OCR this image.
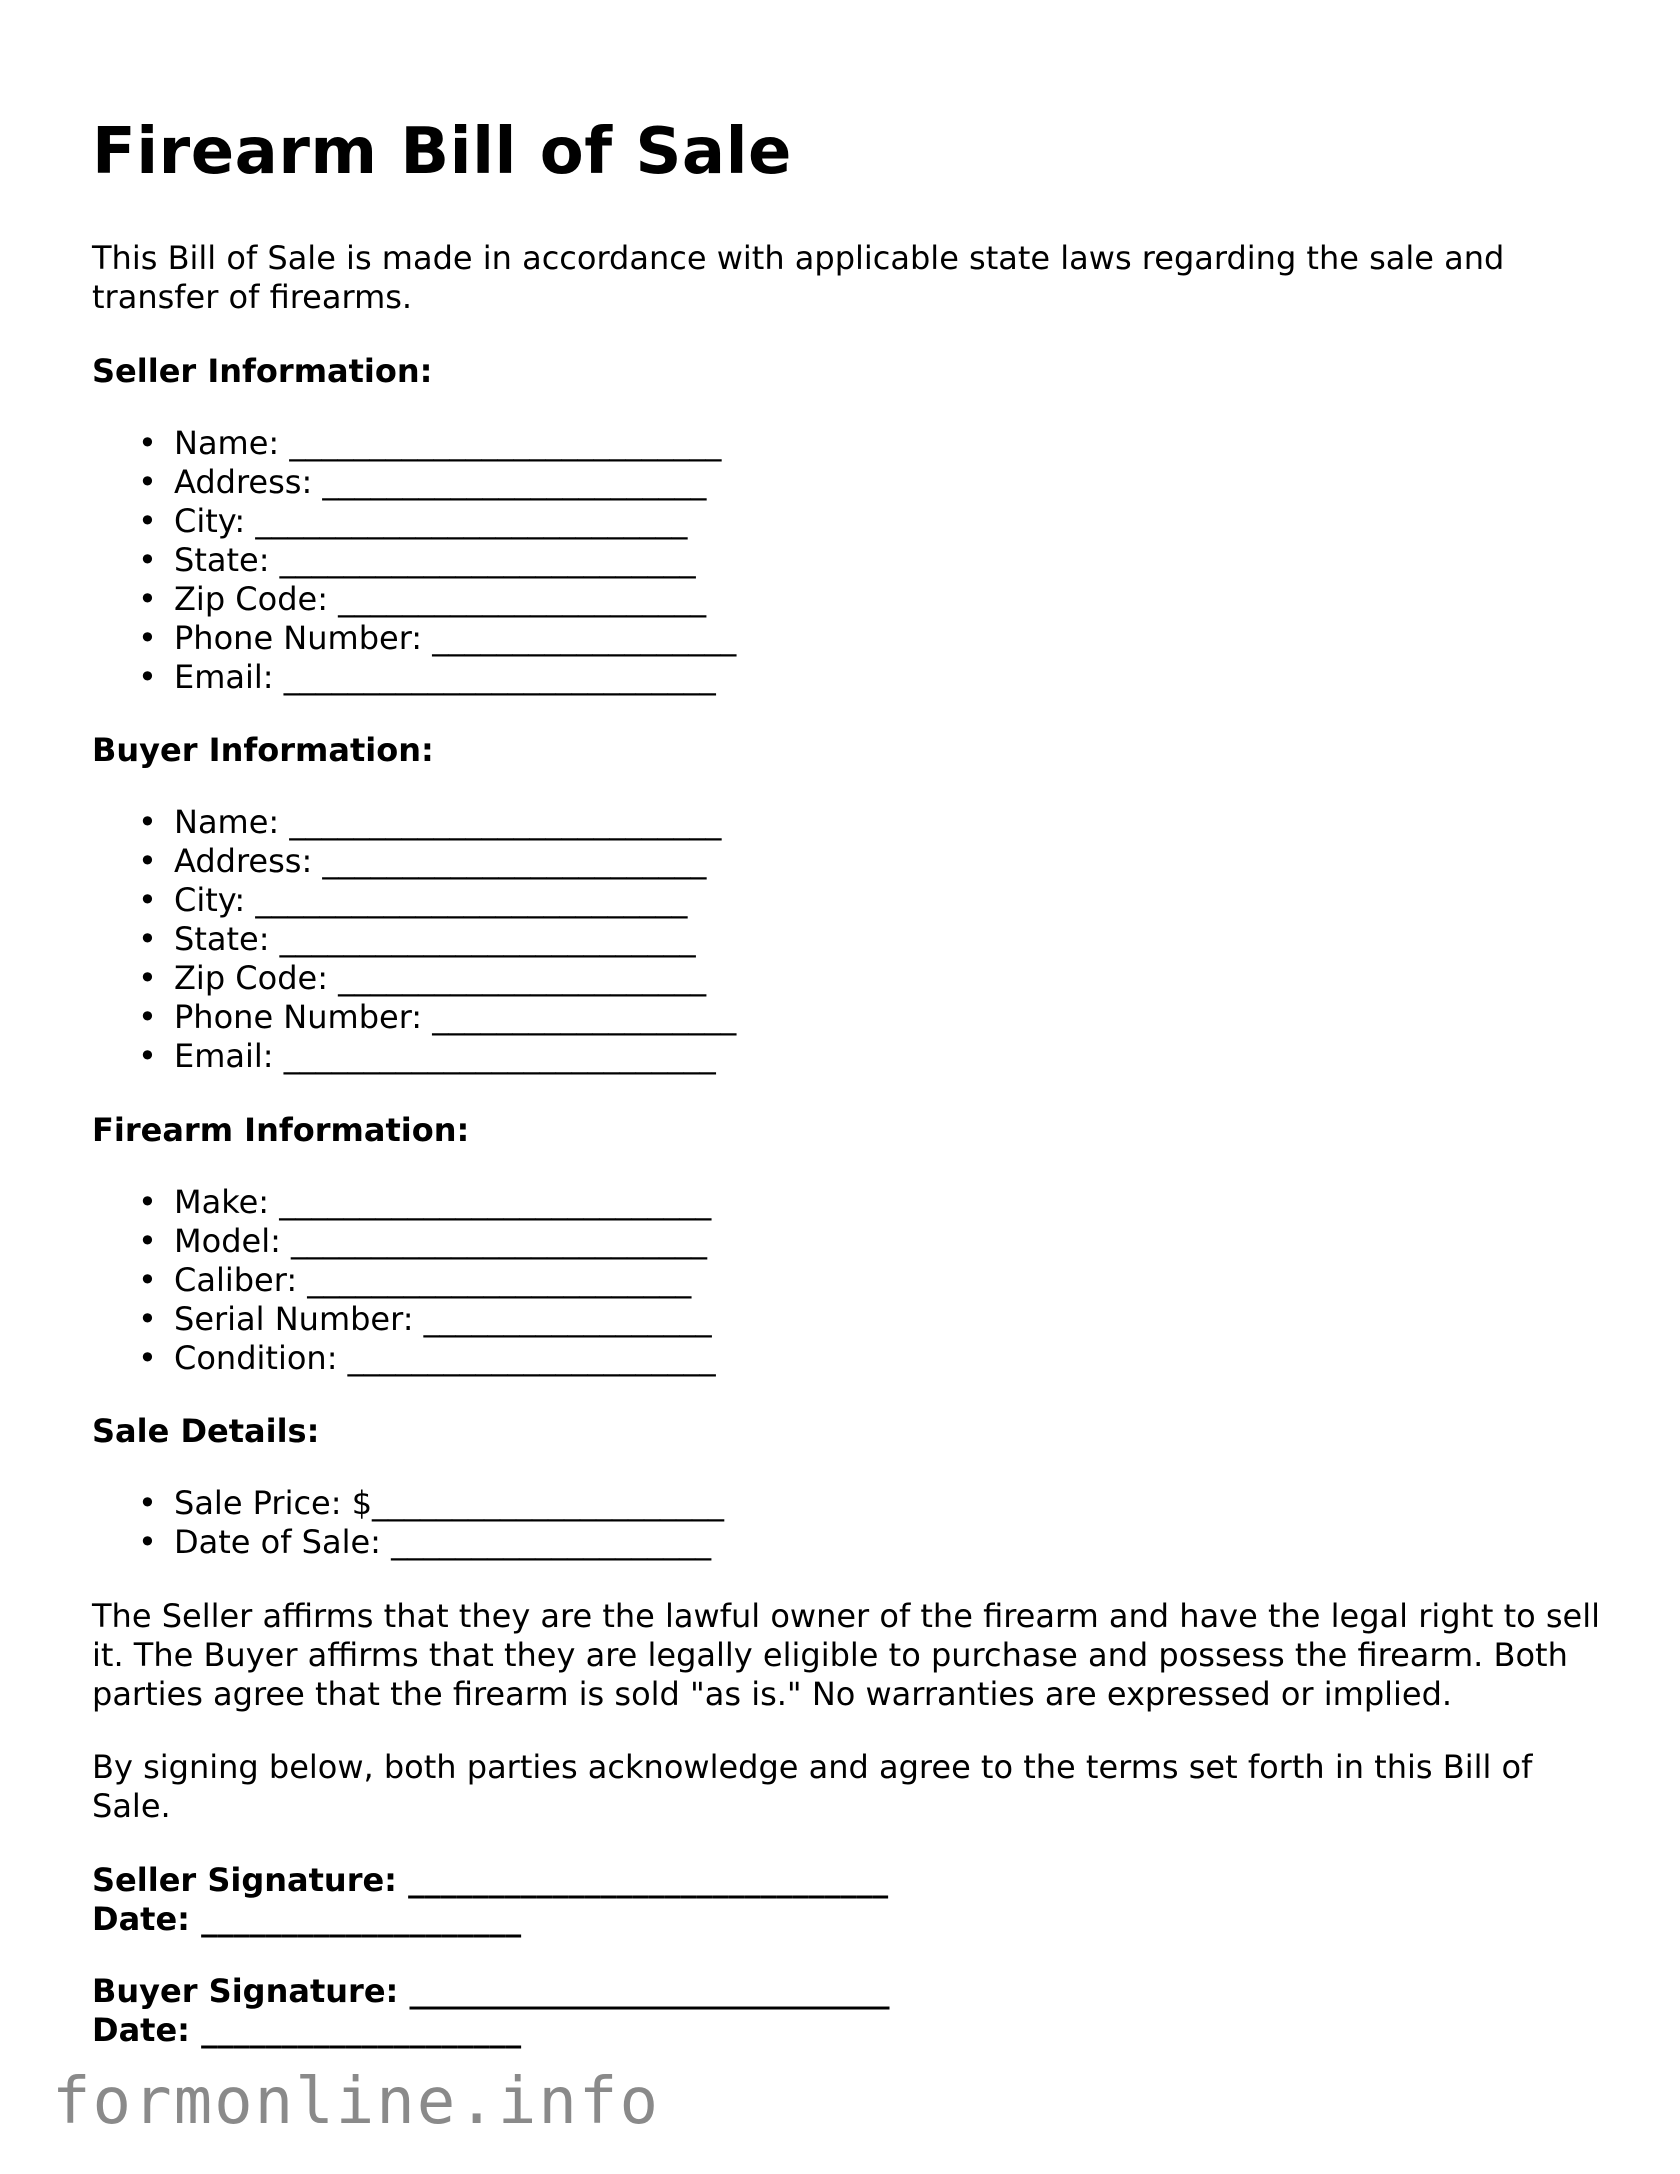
Firearm Bill of Sale

This Bill of Sale is made in accordance with applicable state laws regarding the sale and transfer of firearms.

Seller Information:
• Name: ___________________________
• Address: ________________________
• City: ___________________________
• State: __________________________
• Zip Code: _______________________
• Phone Number: ___________________
• Email: ___________________________
Buyer Information:
• Name: ___________________________
• Address: ________________________
• City: ___________________________
• State: __________________________
• Zip Code: _______________________
• Phone Number: ___________________
• Email: ___________________________
Firearm Information:
• Make: ___________________________
• Model: __________________________
• Caliber: ________________________
• Serial Number: __________________
• Condition: _______________________
Sale Details:
• Sale Price: $______________________
• Date of Sale: ____________________

The Seller affirms that they are the lawful owner of the firearm and have the legal right to sell it. The Buyer affirms that they are legally eligible to purchase and possess the firearm. Both parties agree that the firearm is sold "as is." No warranties are expressed or implied.

By signing below, both parties acknowledge and agree to the terms set forth in this Bill of Sale.

Seller Signature: ______________________________
Date: ____________________
Buyer Signature: ______________________________
Date: ____________________
formonline.info
